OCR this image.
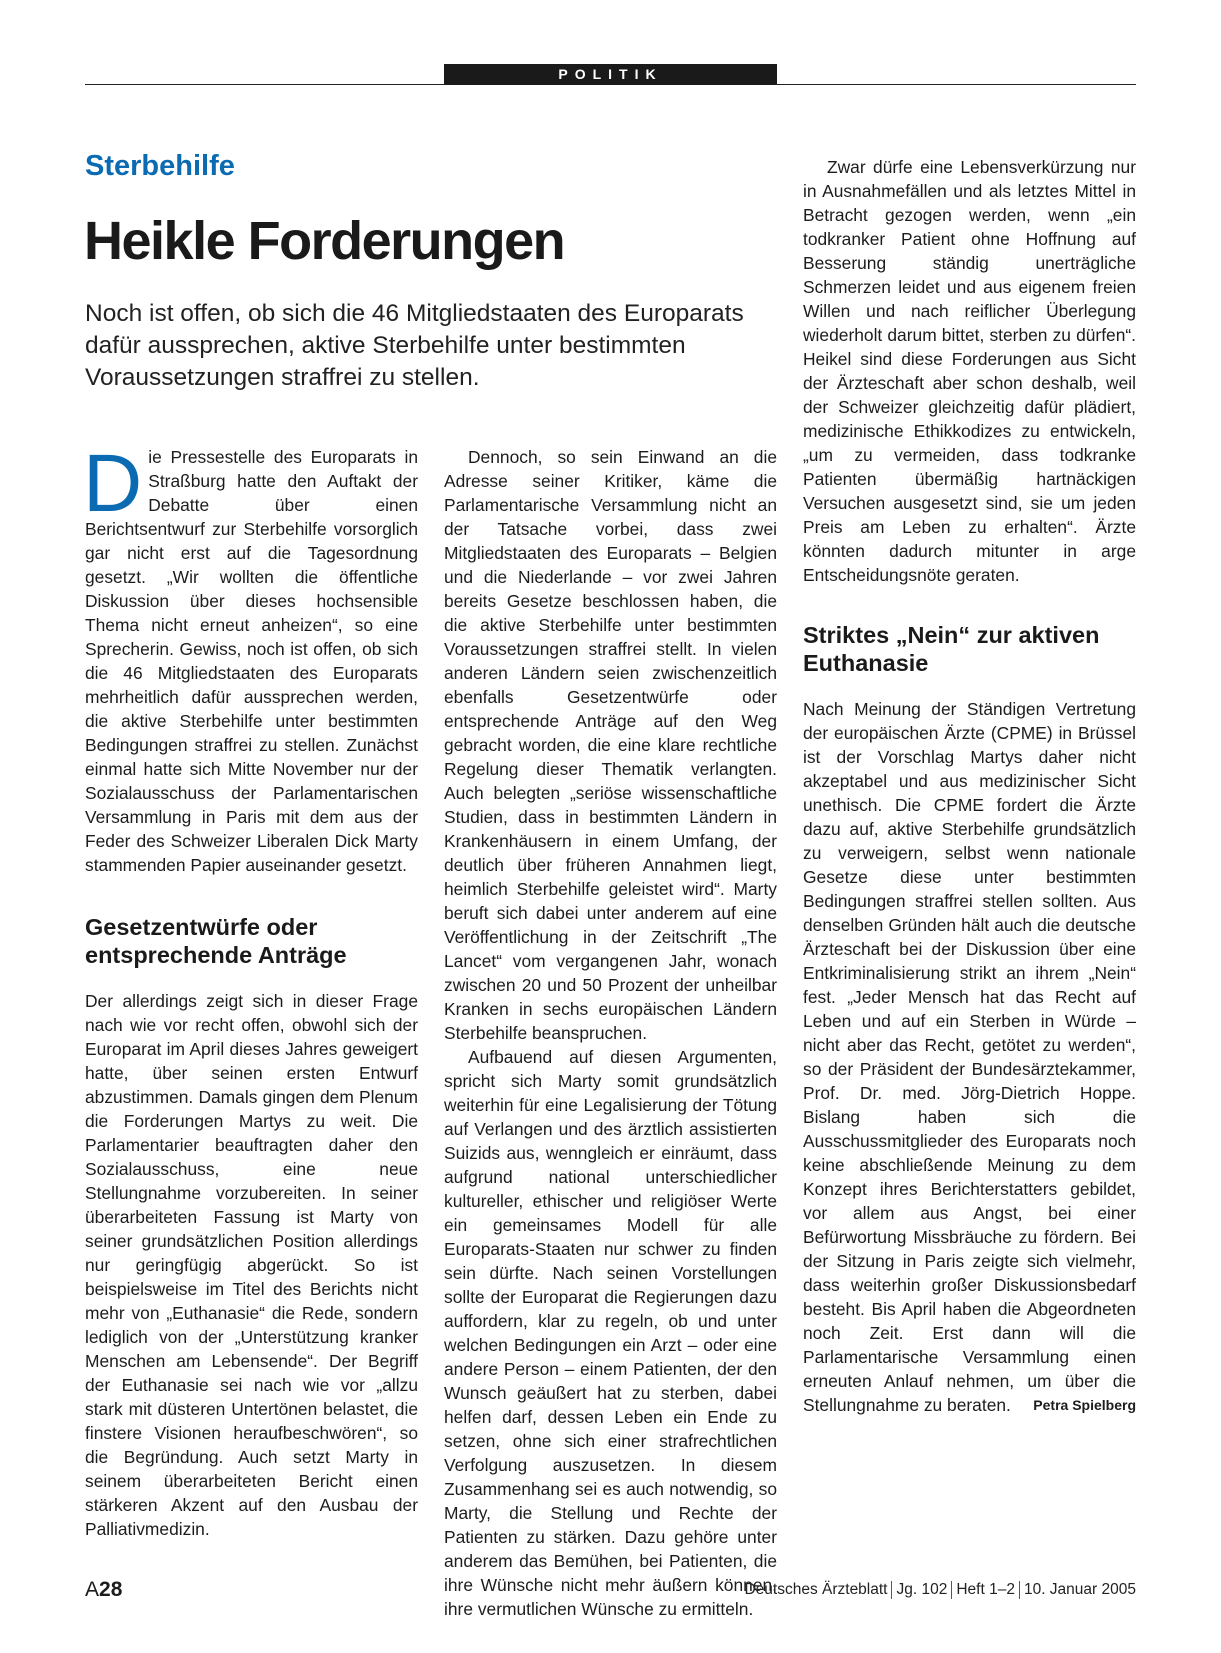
POLITIK
Sterbehilfe
Heikle Forderungen

Noch ist offen, ob sich die 46 Mitgliedstaaten des Europarats dafür aussprechen, aktive Sterbehilfe unter bestimmten Voraussetzungen straffrei zu stellen.

Die Pressestelle des Europarats in Straßburg hatte den Auftakt der Debatte über einen Berichtsentwurf zur Sterbehilfe vorsorglich gar nicht erst auf die Tagesordnung gesetzt. „Wir wollten die öffentliche Diskussion über dieses hochsensible Thema nicht erneut anheizen“, so eine Sprecherin. Gewiss, noch ist offen, ob sich die 46 Mitgliedstaaten des Europarats mehrheitlich dafür aussprechen werden, die aktive Sterbehilfe unter bestimmten Bedingungen straffrei zu stellen. Zunächst einmal hatte sich Mitte November nur der Sozialausschuss der Parlamentarischen Versammlung in Paris mit dem aus der Feder des Schweizer Liberalen Dick Marty stammenden Papier auseinander gesetzt.

Gesetzentwürfe oder entsprechende Anträge

Der allerdings zeigt sich in dieser Frage nach wie vor recht offen, obwohl sich der Europarat im April dieses Jahres geweigert hatte, über seinen ersten Entwurf abzustimmen. Damals gingen dem Plenum die Forderungen Martys zu weit. Die Parlamentarier beauftragten daher den Sozialausschuss, eine neue Stellungnahme vorzubereiten. In seiner überarbeiteten Fassung ist Marty von seiner grundsätzlichen Position allerdings nur geringfügig abgerückt. So ist beispielsweise im Titel des Berichts nicht mehr von „Euthanasie“ die Rede, sondern lediglich von der „Unterstützung kranker Menschen am Lebensende“. Der Begriff der Euthanasie sei nach wie vor „allzu stark mit düsteren Untertönen belastet, die finstere Visionen heraufbeschwören“, so die Begründung. Auch setzt Marty in seinem überarbeiteten Bericht einen stärkeren Akzent auf den Ausbau der Palliativmedizin.

Dennoch, so sein Einwand an die Adresse seiner Kritiker, käme die Parlamentarische Versammlung nicht an der Tatsache vorbei, dass zwei Mitgliedstaaten des Europarats – Belgien und die Niederlande – vor zwei Jahren bereits Gesetze beschlossen haben, die die aktive Sterbehilfe unter bestimmten Voraussetzungen straffrei stellt. In vielen anderen Ländern seien zwischenzeitlich ebenfalls Gesetzentwürfe oder entsprechende Anträge auf den Weg gebracht worden, die eine klare rechtliche Regelung dieser Thematik verlangten. Auch belegten „seriöse wissenschaftliche Studien, dass in bestimmten Ländern in Krankenhäusern in einem Umfang, der deutlich über früheren Annahmen liegt, heimlich Sterbehilfe geleistet wird“. Marty beruft sich dabei unter anderem auf eine Veröffentlichung in der Zeitschrift „The Lancet“ vom vergangenen Jahr, wonach zwischen 20 und 50 Prozent der unheilbar Kranken in sechs europäischen Ländern Sterbehilfe beanspruchen.

Aufbauend auf diesen Argumenten, spricht sich Marty somit grundsätzlich weiterhin für eine Legalisierung der Tötung auf Verlangen und des ärztlich assistierten Suizids aus, wenngleich er einräumt, dass aufgrund national unterschiedlicher kultureller, ethischer und religiöser Werte ein gemeinsames Modell für alle Europarats-Staaten nur schwer zu finden sein dürfte. Nach seinen Vorstellungen sollte der Europarat die Regierungen dazu auffordern, klar zu regeln, ob und unter welchen Bedingungen ein Arzt – oder eine andere Person – einem Patienten, der den Wunsch geäußert hat zu sterben, dabei helfen darf, dessen Leben ein Ende zu setzen, ohne sich einer strafrechtlichen Verfolgung auszusetzen. In diesem Zusammenhang sei es auch notwendig, so Marty, die Stellung und Rechte der Patienten zu stärken. Dazu gehöre unter anderem das Bemühen, bei Patienten, die ihre Wünsche nicht mehr äußern können, ihre vermutlichen Wünsche zu ermitteln.

Zwar dürfe eine Lebensverkürzung nur in Ausnahmefällen und als letztes Mittel in Betracht gezogen werden, wenn „ein todkranker Patient ohne Hoffnung auf Besserung ständig unerträgliche Schmerzen leidet und aus eigenem freien Willen und nach reiflicher Überlegung wiederholt darum bittet, sterben zu dürfen“. Heikel sind diese Forderungen aus Sicht der Ärzteschaft aber schon deshalb, weil der Schweizer gleichzeitig dafür plädiert, medizinische Ethikkodizes zu entwickeln, „um zu vermeiden, dass todkranke Patienten übermäßig hartnäckigen Versuchen ausgesetzt sind, sie um jeden Preis am Leben zu erhalten“. Ärzte könnten dadurch mitunter in arge Entscheidungsnöte geraten.

Striktes „Nein“ zur aktiven Euthanasie

Nach Meinung der Ständigen Vertretung der europäischen Ärzte (CPME) in Brüssel ist der Vorschlag Martys daher nicht akzeptabel und aus medizinischer Sicht unethisch. Die CPME fordert die Ärzte dazu auf, aktive Sterbehilfe grundsätzlich zu verweigern, selbst wenn nationale Gesetze diese unter bestimmten Bedingungen straffrei stellen sollten. Aus denselben Gründen hält auch die deutsche Ärzteschaft bei der Diskussion über eine Entkriminalisierung strikt an ihrem „Nein“ fest. „Jeder Mensch hat das Recht auf Leben und auf ein Sterben in Würde – nicht aber das Recht, getötet zu werden“, so der Präsident der Bundesärztekammer, Prof. Dr. med. Jörg-Dietrich Hoppe. Bislang haben sich die Ausschussmitglieder des Europarats noch keine abschließende Meinung zu dem Konzept ihres Berichterstatters gebildet, vor allem aus Angst, bei einer Befürwortung Missbräuche zu fördern. Bei der Sitzung in Paris zeigte sich vielmehr, dass weiterhin großer Diskussionsbedarf besteht. Bis April haben die Abgeordneten noch Zeit. Erst dann will die Parlamentarische Versammlung einen erneuten Anlauf nehmen, um über die Stellungnahme zu beraten. Petra Spielberg

A28	Deutsches Ärzteblatt Jg. 102 Heft 1–2 10. Januar 2005
